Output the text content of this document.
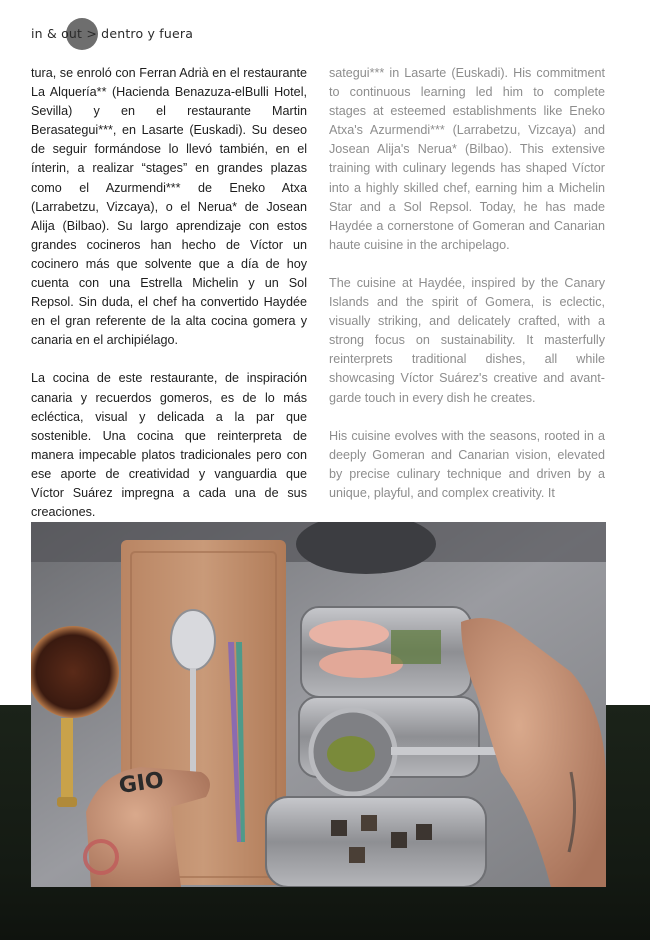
in & out > dentro y fuera

tura, se enroló con Ferran Adrià en el restaurante La Alquería** (Hacienda Benazuza-elBulli Hotel, Sevilla) y en el restaurante Martin Berasategui***, en Lasarte (Euskadi). Su deseo de seguir formándose lo llevó también, en el ínterin, a realizar “stages” en grandes plazas como el Azurmendi*** de Eneko Atxa (Larrabetzu, Vizcaya), o el Nerua* de Josean Alija (Bilbao). Su largo aprendizaje con estos grandes cocineros han hecho de Víctor un cocinero más que solvente que a día de hoy cuenta con una Estrella Michelin y un Sol Repsol. Sin duda, el chef ha convertido Haydée en el gran referente de la alta cocina gomera y canaria en el archipiélago.

La cocina de este restaurante, de inspiración canaria y recuerdos gomeros, es de lo más ecléctica, visual y delicada a la par que sostenible. Una cocina que reinterpreta de manera impecable platos tradicionales pero con ese aporte de creatividad y vanguardia que Víctor Suárez impregna a cada una de sus creaciones.

sategui*** in Lasarte (Euskadi). His commitment to continuous learning led him to complete stages at esteemed establishments like Eneko Atxa's Azurmendi*** (Larrabetzu, Vizcaya) and Josean Alija's Nerua* (Bilbao). This extensive training with culinary legends has shaped Víctor into a highly skilled chef, earning him a Michelin Star and a Sol Repsol. Today, he has made Haydée a cornerstone of Gomeran and Canarian haute cuisine in the archipelago.

The cuisine at Haydée, inspired by the Canary Islands and the spirit of Gomera, is eclectic, visually striking, and delicately crafted, with a strong focus on sustainability. It masterfully reinterprets traditional dishes, all while showcasing Víctor Suárez's creative and avant-garde touch in every dish he creates.

His cuisine evolves with the seasons, rooted in a deeply Gomeran and Canarian vision, elevated by precise culinary technique and driven by a unique, playful, and complex creativity. It

GIO
